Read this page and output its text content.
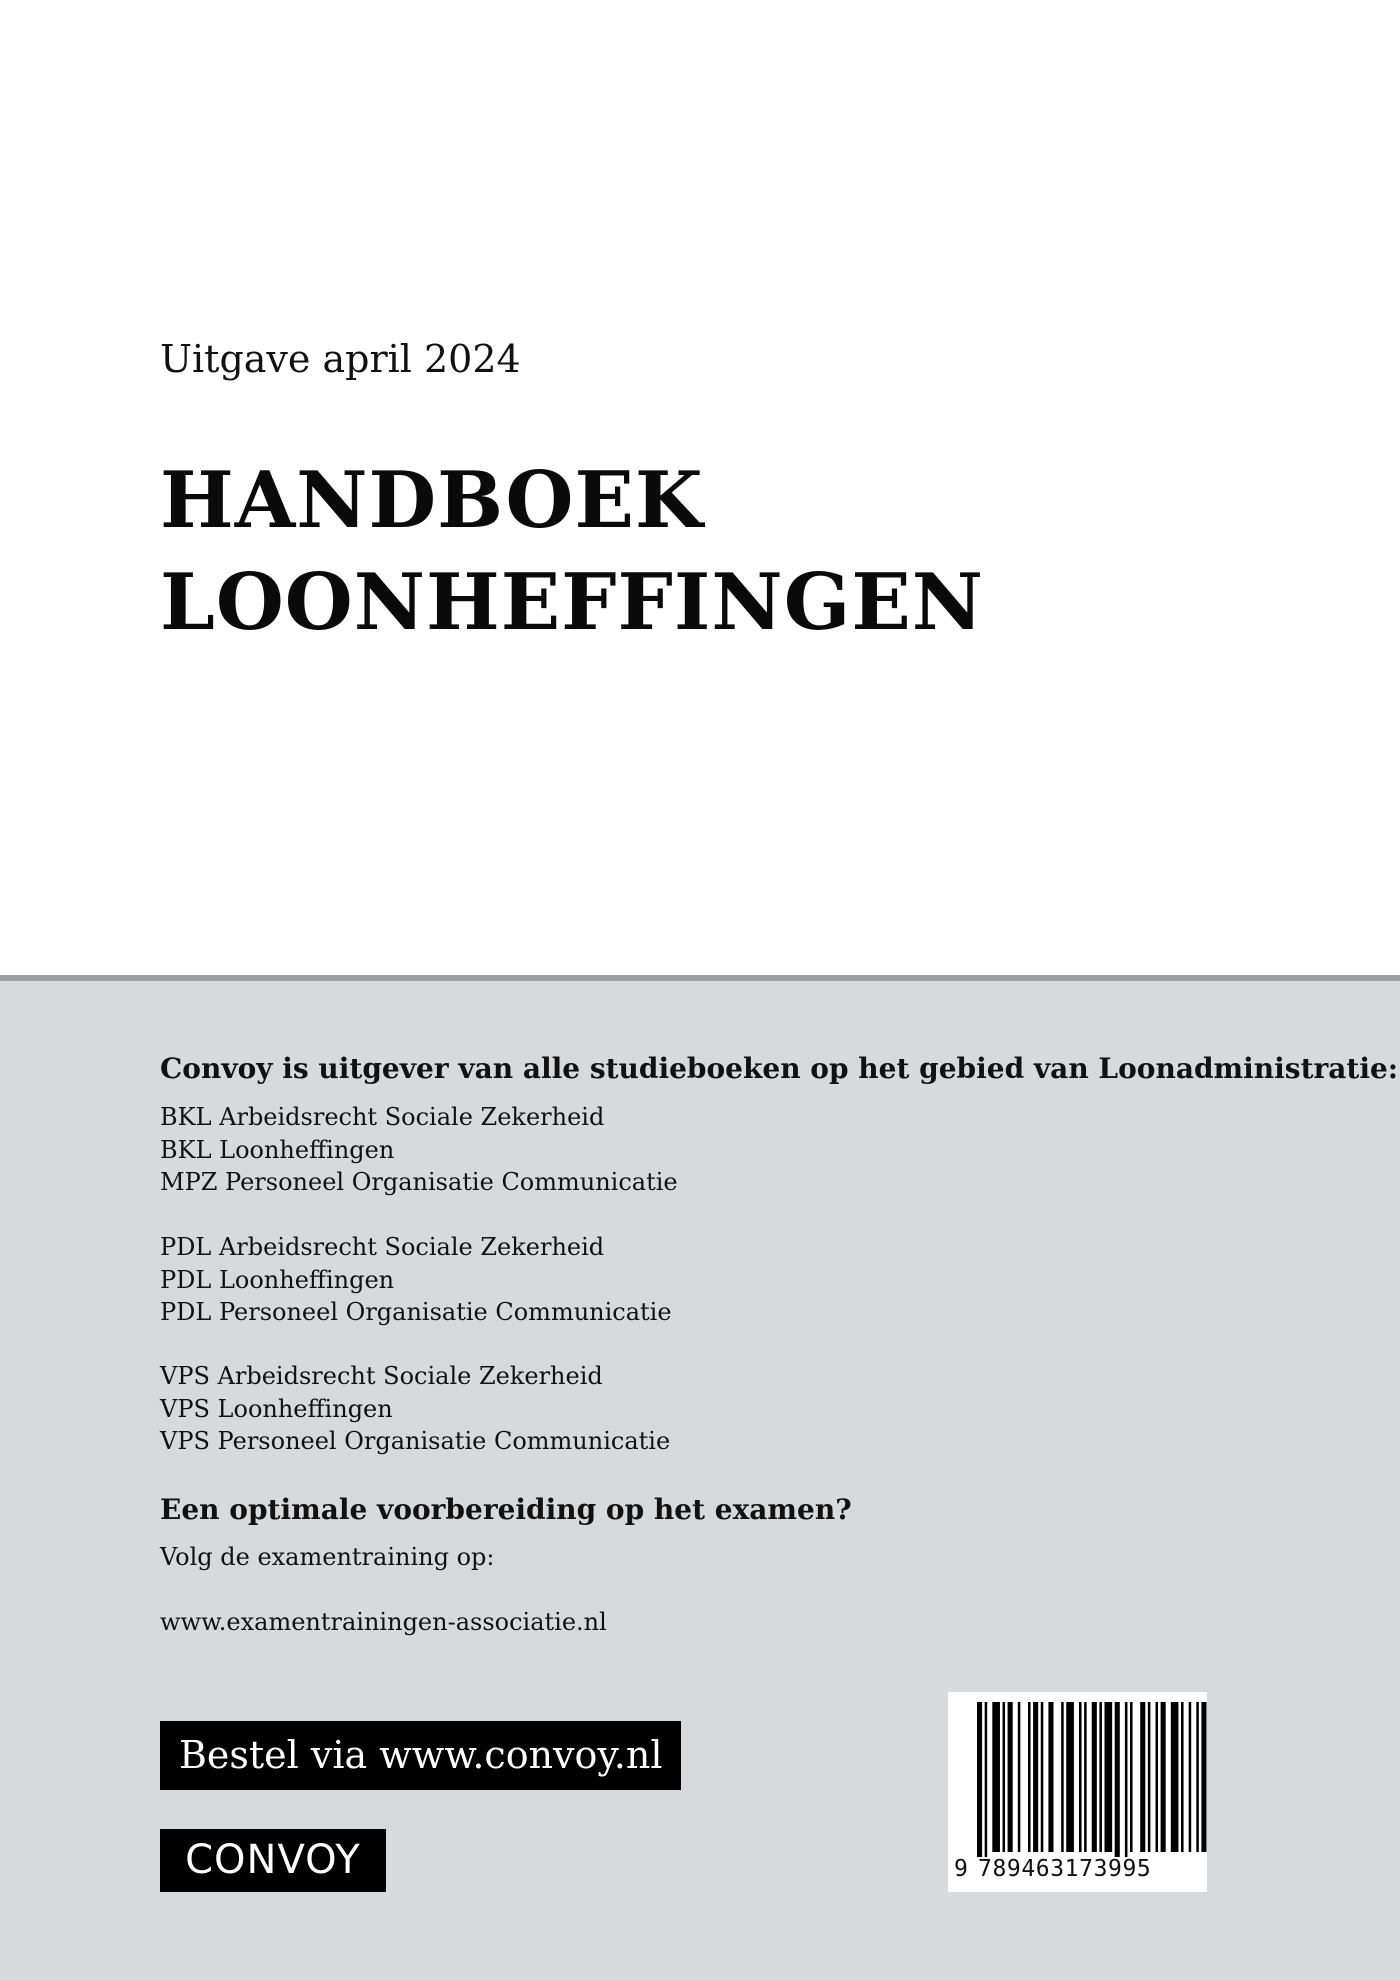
Uitgave april 2024
HANDBOEK
LOONHEFFINGEN
Convoy is uitgever van alle studieboeken op het gebied van Loonadministratie:
BKL Arbeidsrecht Sociale Zekerheid
BKL Loonheffingen
MPZ Personeel Organisatie Communicatie
PDL Arbeidsrecht Sociale Zekerheid
PDL Loonheffingen
PDL Personeel Organisatie Communicatie
VPS Arbeidsrecht Sociale Zekerheid
VPS Loonheffingen
VPS Personeel Organisatie Communicatie
Een optimale voorbereiding op het examen?
Volg de examentraining op:
www.examentrainingen-associatie.nl
Bestel via www.convoy.nl
CONVOY	9 789463173995
